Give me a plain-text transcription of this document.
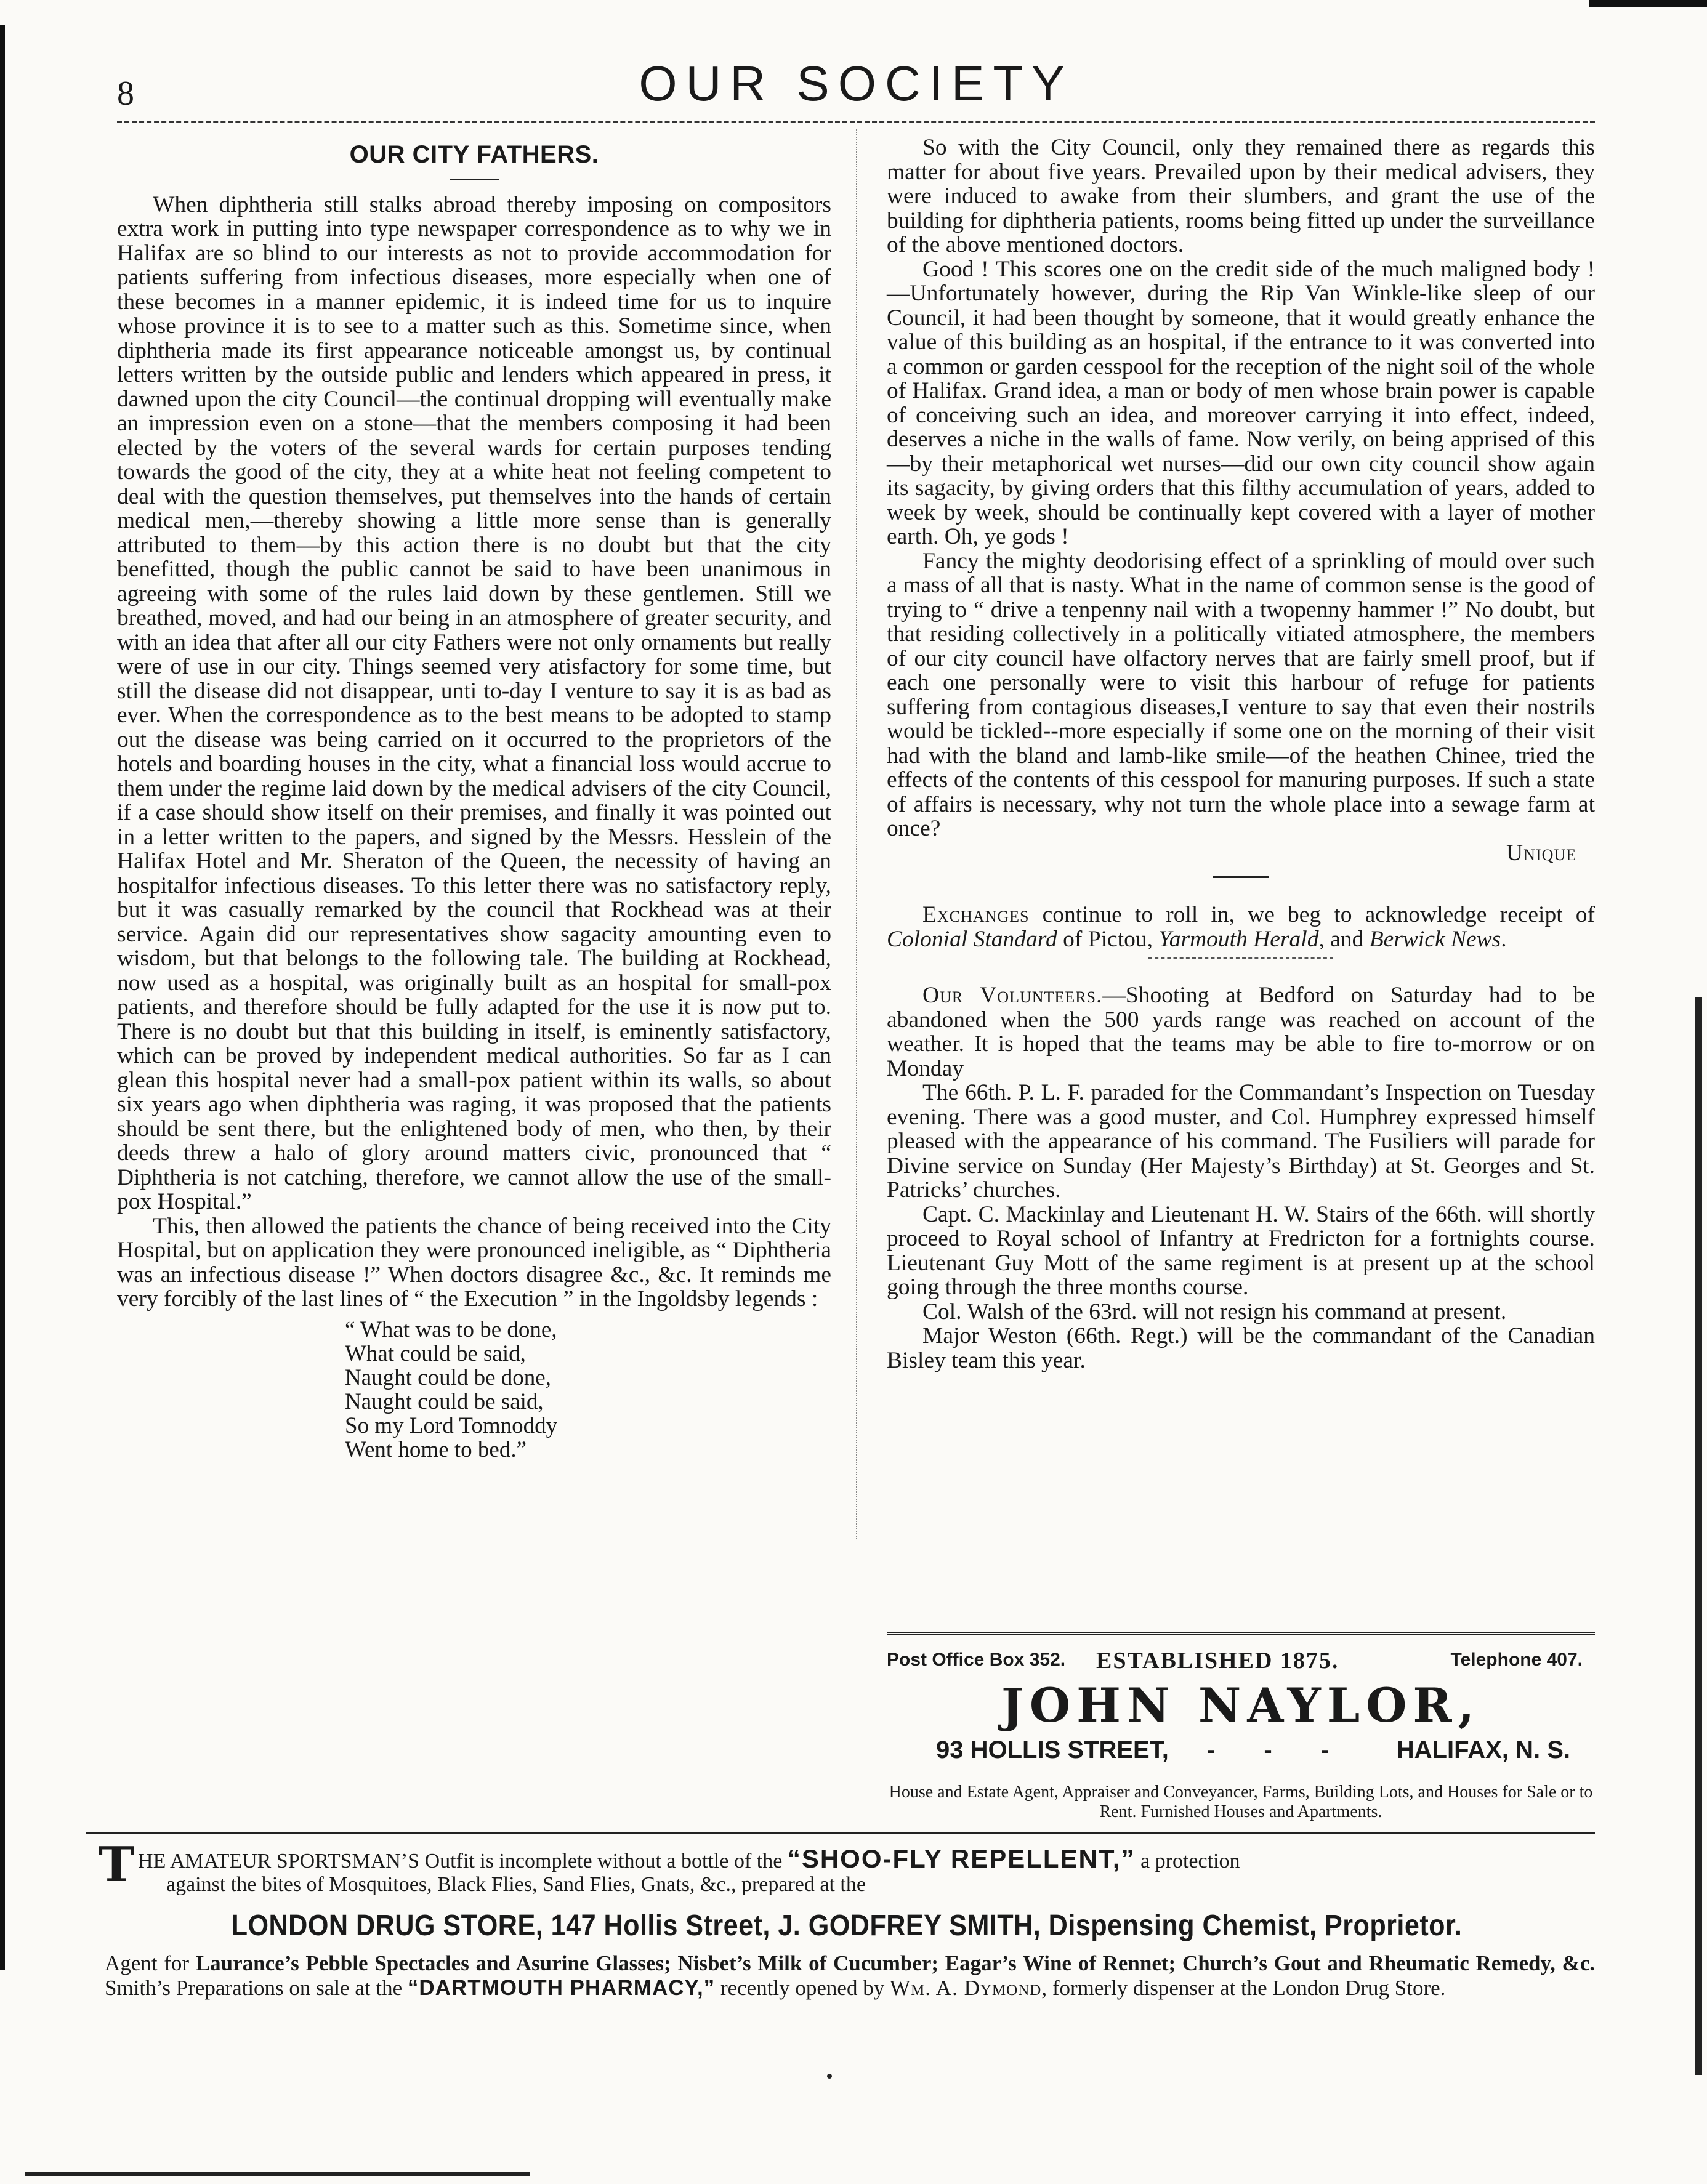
8	OUR SOCIETY
OUR CITY FATHERS.

When diphtheria still stalks abroad thereby imposing on compositors extra work in putting into type newspaper correspondence as to why we in Halifax are so blind to our interests as not to provide accommodation for patients suffering from infectious diseases, more especially when one of these becomes in a manner epidemic, it is indeed time for us to inquire whose province it is to see to a matter such as this. Sometime since, when diphtheria made its first appearance noticeable amongst us, by continual letters written by the outside public and lenders which appeared in press, it dawned upon the city Council—the continual dropping will eventually make an impression even on a stone—that the members composing it had been elected by the voters of the several wards for certain purposes tending towards the good of the city, they at a white heat not feeling competent to deal with the question themselves, put themselves into the hands of certain medical men,—thereby showing a little more sense than is generally attributed to them—by this action there is no doubt but that the city benefitted, though the public cannot be said to have been unanimous in agreeing with some of the rules laid down by these gentlemen. Still we breathed, moved, and had our being in an atmosphere of greater security, and with an idea that after all our city Fathers were not only ornaments but really were of use in our city. Things seemed very atisfactory for some time, but still the disease did not disappear, unti to-day I venture to say it is as bad as ever. When the correspondence as to the best means to be adopted to stamp out the disease was being carried on it occurred to the proprietors of the hotels and boarding houses in the city, what a financial loss would accrue to them under the regime laid down by the medical advisers of the city Council, if a case should show itself on their premises, and finally it was pointed out in a letter written to the papers, and signed by the Messrs. Hesslein of the Halifax Hotel and Mr. Sheraton of the Queen, the necessity of having an hospitalfor infectious diseases. To this letter there was no satisfactory reply, but it was casually remarked by the council that Rockhead was at their service. Again did our representatives show sagacity amounting even to wisdom, but that belongs to the following tale. The building at Rockhead, now used as a hospital, was originally built as an hospital for small-pox patients, and therefore should be fully adapted for the use it is now put to. There is no doubt but that this building in itself, is eminently satisfactory, which can be proved by independent medical authorities. So far as I can glean this hospital never had a small-pox patient within its walls, so about six years ago when diphtheria was raging, it was proposed that the patients should be sent there, but the enlightened body of men, who then, by their deeds threw a halo of glory around matters civic, pronounced that “ Diphtheria is not catching, therefore, we cannot allow the use of the small-pox Hospital.”

This, then allowed the patients the chance of being received into the City Hospital, but on application they were pronounced ineligible, as “ Diphtheria was an infectious disease !” When doctors disagree &c., &c. It reminds me very forcibly of the last lines of “ the Execution ” in the Ingoldsby legends :

“ What was to be done,
What could be said,
Naught could be done,
Naught could be said,
So my Lord Tomnoddy
Went home to bed.”

So with the City Council, only they remained there as regards this matter for about five years. Prevailed upon by their medical advisers, they were induced to awake from their slumbers, and grant the use of the building for diphtheria patients, rooms being fitted up under the surveillance of the above mentioned doctors.

Good ! This scores one on the credit side of the much maligned body !—Unfortunately however, during the Rip Van Winkle-like sleep of our Council, it had been thought by someone, that it would greatly enhance the value of this building as an hospital, if the entrance to it was converted into a common or garden cesspool for the reception of the night soil of the whole of Halifax. Grand idea, a man or body of men whose brain power is capable of conceiving such an idea, and moreover carrying it into effect, indeed, deserves a niche in the walls of fame. Now verily, on being apprised of this —by their metaphorical wet nurses—did our own city council show again its sagacity, by giving orders that this filthy accumulation of years, added to week by week, should be continually kept covered with a layer of mother earth. Oh, ye gods !

Fancy the mighty deodorising effect of a sprinkling of mould over such a mass of all that is nasty. What in the name of common sense is the good of trying to “ drive a tenpenny nail with a twopenny hammer !” No doubt, but that residing collectively in a politically vitiated atmosphere, the members of our city council have olfactory nerves that are fairly smell proof, but if each one personally were to visit this harbour of refuge for patients suffering from contagious diseases,I venture to say that even their nostrils would be tickled--more especially if some one on the morning of their visit had with the bland and lamb-like smile—of the heathen Chinee, tried the effects of the contents of this cesspool for manuring purposes. If such a state of affairs is necessary, why not turn the whole place into a sewage farm at once?

Unique

Exchanges continue to roll in, we beg to acknowledge receipt of Colonial Standard of Pictou, Yarmouth Herald, and Berwick News.

Our Volunteers.—Shooting at Bedford on Saturday had to be abandoned when the 500 yards range was reached on account of the weather. It is hoped that the teams may be able to fire to-morrow or on Monday

The 66th. P. L. F. paraded for the Commandant’s Inspection on Tuesday evening. There was a good muster, and Col. Humphrey expressed himself pleased with the appearance of his command. The Fusiliers will parade for Divine service on Sunday (Her Majesty’s Birthday) at St. Georges and St. Patricks’ churches.

Capt. C. Mackinlay and Lieutenant H. W. Stairs of the 66th. will shortly proceed to Royal school of Infantry at Fredricton for a fortnights course. Lieutenant Guy Mott of the same regiment is at present up at the school going through the three months course.

Col. Walsh of the 63rd. will not resign his command at present.

Major Weston (66th. Regt.) will be the commandant of the Canadian Bisley team this year.

Post Office Box 352. ESTABLISHED 1875.	Telephone 407.
JOHN NAYLOR,
93 HOLLIS STREET, - - - HALIFAX, N. S.
House and Estate Agent, Appraiser and Conveyancer, Farms, Building Lots, and Houses for Sale or to Rent. Furnished Houses and Apartments.
T HE AMATEUR SPORTSMAN’S Outfit is incomplete without a bottle of the “SHOO-FLY REPELLENT,” a protection
against the bites of Mosquitoes, Black Flies, Sand Flies, Gnats, &c., prepared at the
LONDON DRUG STORE, 147 Hollis Street, J. GODFREY SMITH, Dispensing Chemist, Proprietor.
Agent for Laurance’s Pebble Spectacles and Asurine Glasses; Nisbet’s Milk of Cucumber; Eagar’s Wine of Rennet; Church’s Gout and Rheumatic Remedy, &c. Smith’s Preparations on sale at the “DARTMOUTH PHARMACY,” recently opened by Wm. A. Dymond, formerly dispenser at the London Drug Store.
